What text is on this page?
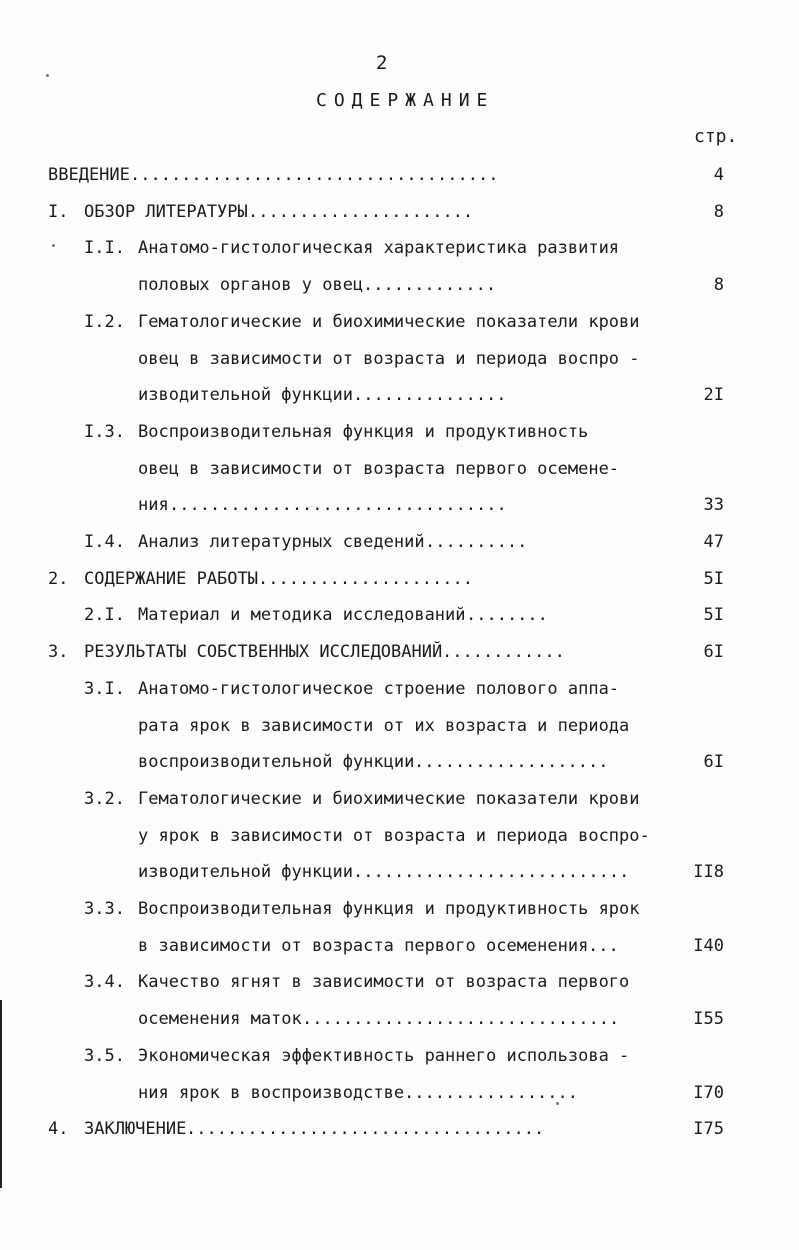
2
СОДЕРЖАНИЕ
стр.
ВВЕДЕНИЕ ....................................	4
I. ОБЗОР ЛИТЕРАТУРЫ ......................	8
I.I. Анатомо-гистологическая характеристика развития
половых органов у овец .............	8
I.2. Гематологические и биохимические показатели крови
овец в зависимости от возраста и периода воспро -
изводительной функции ...............	2I
I.3. Воспроизводительная функция и продуктивность
овец в зависимости от возраста первого осемене-
ния .................................	33
I.4. Анализ литературных сведений ..........	47
2. СОДЕРЖАНИЕ РАБОТЫ .....................	5I
2.I. Материал и методика исследований ........	5I
3. РЕЗУЛЬТАТЫ СОБСТВЕННЫХ ИССЛЕДОВАНИЙ ............	6I
3.I. Анатомо-гистологическое строение полового аппа-
рата ярок в зависимости от их возраста и периода
воспроизводительной функции ...................	6I
3.2. Гематологические и биохимические показатели крови
у ярок в зависимости от возраста и периода воспро-
изводительной функции ...........................	II8
3.3. Воспроизводительная функция и продуктивность ярок
в зависимости от возраста первого осеменения ...	I40
3.4. Качество ягнят в зависимости от возраста первого
осеменения маток ...............................	I55
3.5. Экономическая эффективность раннего использова -
ния ярок в воспроизводстве .................	I70
4. ЗАКЛЮЧЕНИЕ ...................................	I75
